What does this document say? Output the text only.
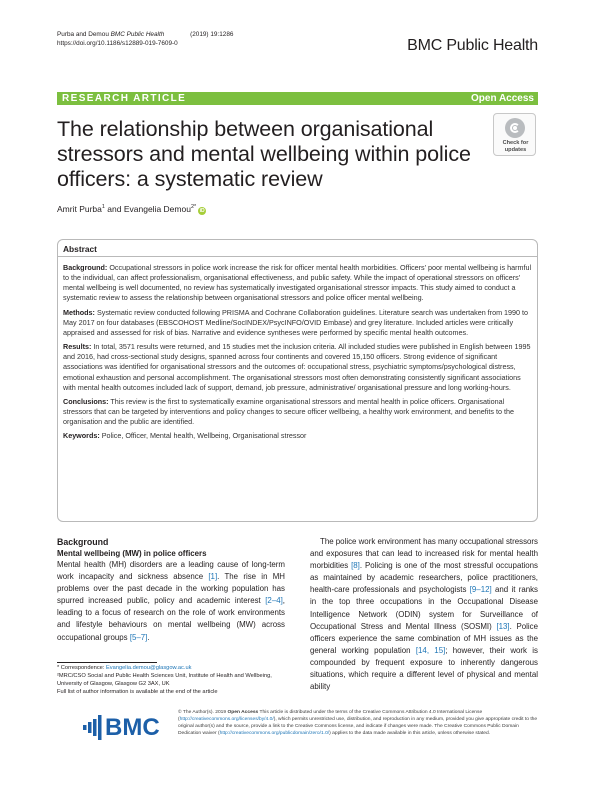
Purba and Demou BMC Public Health	(2019) 19:1286
https://doi.org/10.1186/s12889-019-7609-0	BMC Public Health
RESEARCH ARTICLE	Open Access
The relationship between organisational stressors and mental wellbeing within police officers: a systematic review
Check for
updates
Amrit Purba$^1$ and Evangelia Demou$^{2*}$iD
Abstract
Background: Occupational stressors in police work increase the risk for officer mental health morbidities. Officers' poor mental wellbeing is harmful to the individual, can affect professionalism, organisational effectiveness, and public safety. While the impact of operational stressors on officers' mental wellbeing is well documented, no review has systematically investigated organisational stressor impacts. This study aimed to conduct a systematic review to assess the relationship between organisational stressors and police officer mental wellbeing.
Methods: Systematic review conducted following PRISMA and Cochrane Collaboration guidelines. Literature search was undertaken from 1990 to May 2017 on four databases (EBSCOHOST Medline/SocINDEX/PsycINFO/OVID Embase) and grey literature. Included articles were critically appraised and assessed for risk of bias. Narrative and evidence syntheses were performed by specific mental health outcomes.
Results: In total, 3571 results were returned, and 15 studies met the inclusion criteria. All included studies were published in English between 1995 and 2016, had cross-sectional study designs, spanned across four continents and covered 15,150 officers. Strong evidence of significant associations was identified for organisational stressors and the outcomes of: occupational stress, psychiatric symptoms/psychological distress, emotional exhaustion and personal accomplishment. The organisational stressors most often demonstrating consistently significant associations with mental health outcomes included lack of support, demand, job pressure, administrative/ organisational pressure and long working-hours.
Conclusions: This review is the first to systematically examine organisational stressors and mental health in police officers. Organisational stressors that can be targeted by interventions and policy changes to secure officer wellbeing, a healthy work environment, and benefits to the organisation and the public are identified.
Keywords: Police, Officer, Mental health, Wellbeing, Organisational stressor
Background
Mental wellbeing (MW) in police officers
Mental health (MH) disorders are a leading cause of long-term work incapacity and sickness absence [1]. The rise in MH problems over the past decade in the working population has spurred increased public, policy and academic interest [2–4], leading to a focus of research on the role of work environments and lifestyle behaviours on mental wellbeing (MW) across occupational groups [5–7].
The police work environment has many occupational stressors and exposures that can lead to increased risk for mental health morbidities [8]. Policing is one of the most stressful occupations as maintained by academic researchers, police practitioners, health-care professionals and psychologists [9–12] and it ranks in the top three occupations in the Occupational Disease Intelligence Network (ODIN) system for Surveillance of Occupational Stress and Mental Illness (SOSMI) [13]. Police officers experience the same combination of MH issues as the general working population [14, 15]; however, their work is compounded by frequent exposure to inherently dangerous situations, which require a different level of physical and mental ability
* Correspondence: Evangelia.demou@glasgow.ac.uk
²MRC/CSO Social and Public Health Sciences Unit, Institute of Health and Wellbeing, University of Glasgow, Glasgow G2 3AX, UK
Full list of author information is available at the end of the article
BMC
© The Author(s). 2019 Open Access This article is distributed under the terms of the Creative Commons Attribution 4.0 International License (http://creativecommons.org/licenses/by/4.0/), which permits unrestricted use, distribution, and reproduction in any medium, provided you give appropriate credit to the original author(s) and the source, provide a link to the Creative Commons license, and indicate if changes were made. The Creative Commons Public Domain Dedication waiver (http://creativecommons.org/publicdomain/zero/1.0/) applies to the data made available in this article, unless otherwise stated.
